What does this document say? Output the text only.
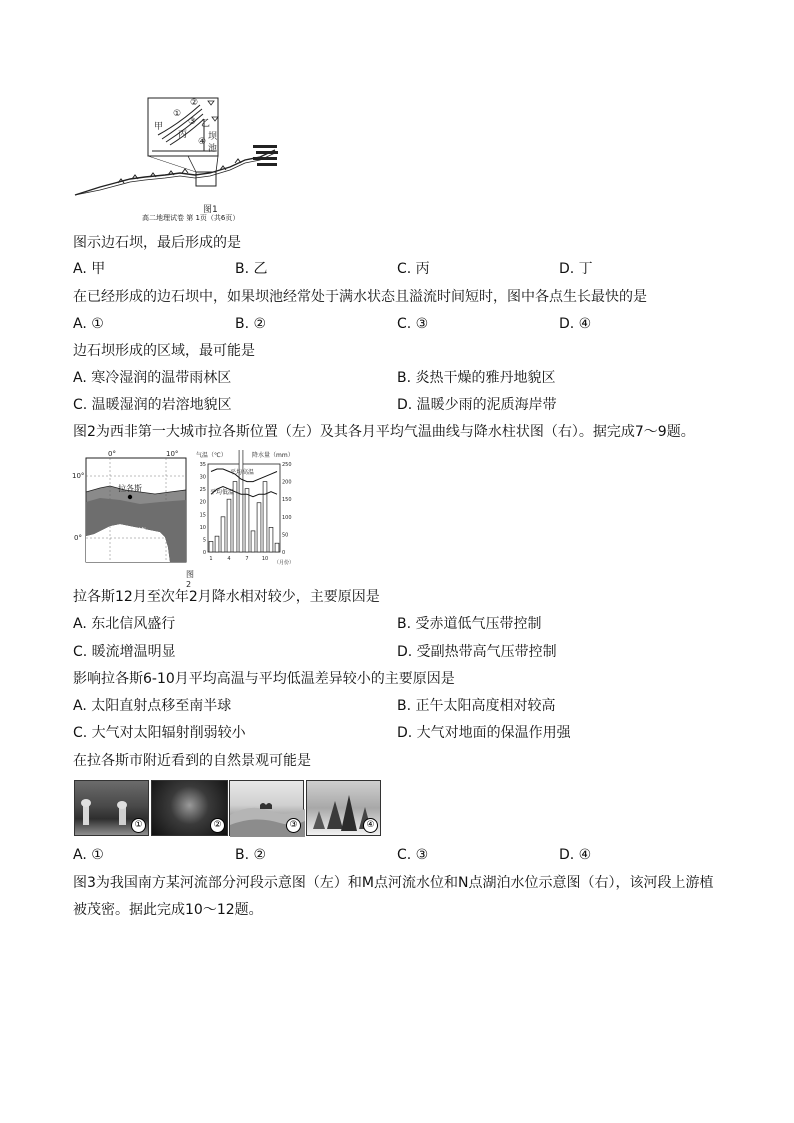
①
②
③
④
甲	乙
丙 坝
池
图1
高二地理试卷 第 1页（共6页）
图示边石坝，最后形成的是
A. 甲	B. 乙	C. 丙	D. 丁
在已经形成的边石坝中，如果坝池经常处于满水状态且溢流时间短时，图中各点生长最快的是
A. ①	B. ②	C. ③	D. ④
边石坝形成的区域，最可能是
A. 寒冷湿润的温带雨林区	B. 炎热干燥的雅丹地貌区
C. 温暖湿润的岩溶地貌区	D. 温暖少雨的泥质海岸带
图2为西非第一大城市拉各斯位置（左）及其各月平均气温曲线与降水柱状图（右）。据完成7～9题。
0°	10°
10°
0°
拉各斯
几内亚湾
图2
0
5
10
15
20
25
30
35
0
50
100
150
200
250
1	4	7	10
气温（℃）	降水量（mm）
平均高温
平均低温
（月份）
拉各斯12月至次年2月降水相对较少，主要原因是
A. 东北信风盛行	B. 受赤道低气压带控制
C. 暖流增温明显	D. 受副热带高气压带控制
影响拉各斯6-10月平均高温与平均低温差异较小的主要原因是
A. 太阳直射点移至南半球	B. 正午太阳高度相对较高
C. 大气对太阳辐射削弱较小	D. 大气对地面的保温作用强
在拉各斯市附近看到的自然景观可能是
①	②	③	④
A. ①	B. ②	C. ③	D. ④
图3为我国南方某河流部分河段示意图（左）和M点河流水位和N点湖泊水位示意图（右），该河段上游植
被茂密。据此完成10～12题。
